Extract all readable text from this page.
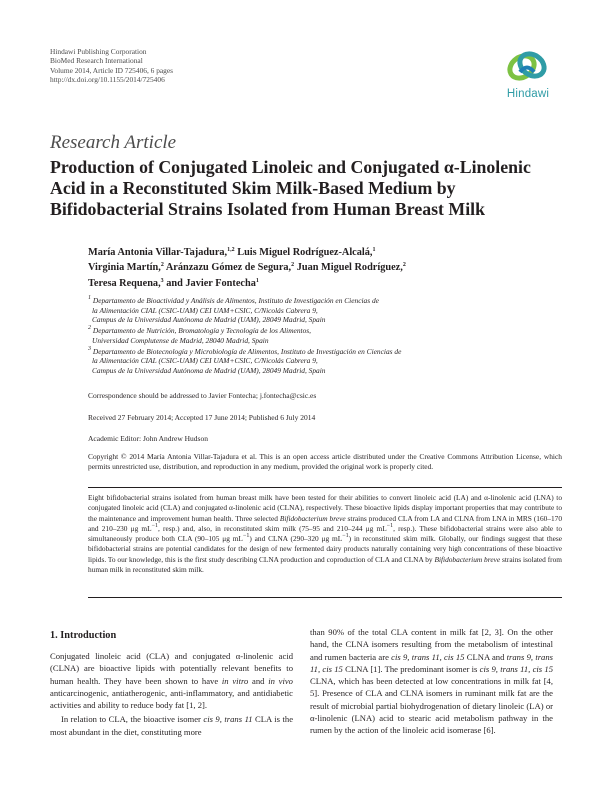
Hindawi Publishing Corporation
BioMed Research International
Volume 2014, Article ID 725406, 6 pages
http://dx.doi.org/10.1155/2014/725406
Hindawi
Research Article
Production of Conjugated Linoleic and Conjugated α-Linolenic
Acid in a Reconstituted Skim Milk-Based Medium by
Bifidobacterial Strains Isolated from Human Breast Milk
María Antonia Villar-Tajadura,$^{1,2}$ Luis Miguel Rodríguez-Alcalá,$^1$
Virginia Martín,$^2$ Aránzazu Gómez de Segura,$^2$ Juan Miguel Rodríguez,$^2$
Teresa Requena,$^3$ and Javier Fontecha$^1$
$^1$ Departamento de Bioactividad y Análisis de Alimentos, Instituto de Investigación en Ciencias de
la Alimentación CIAL (CSIC-UAM) CEI UAM+CSIC, C/Nicolás Cabrera 9,
Campus de la Universidad Autónoma de Madrid (UAM), 28049 Madrid, Spain
$^2$ Departamento de Nutrición, Bromatología y Tecnología de los Alimentos,
Universidad Complutense de Madrid, 28040 Madrid, Spain
$^3$ Departamento de Biotecnología y Microbiología de Alimentos, Instituto de Investigación en Ciencias de
la Alimentación CIAL (CSIC-UAM) CEI UAM+CSIC, C/Nicolás Cabrera 9,
Campus de la Universidad Autónoma de Madrid (UAM), 28049 Madrid, Spain
Correspondence should be addressed to Javier Fontecha; j.fontecha@csic.es
Received 27 February 2014; Accepted 17 June 2014; Published 6 July 2014
Academic Editor: John Andrew Hudson
Copyright © 2014 María Antonia Villar-Tajadura et al. This is an open access article distributed under the Creative Commons Attribution License, which permits unrestricted use, distribution, and reproduction in any medium, provided the original work is properly cited.
Eight bifidobacterial strains isolated from human breast milk have been tested for their abilities to convert linoleic acid (LA) and α-linolenic acid (LNA) to conjugated linoleic acid (CLA) and conjugated α-linolenic acid (CLNA), respectively. These bioactive lipids display important properties that may contribute to the maintenance and improvement human health. Three selected Bifidobacterium breve strains produced CLA from LA and CLNA from LNA in MRS (160–170 and 210–230 μg $mL^{-1}$, resp.) and, also, in reconstituted skim milk (75–95 and 210–244 μg $mL^{-1}$, resp.). These bifidobacterial strains were also able to simultaneously produce both CLA (90–105 μg $mL^{-1}$) and CLNA (290–320 μg $mL^{-1}$) in reconstituted skim milk. Globally, our findings suggest that these bifidobacterial strains are potential candidates for the design of new fermented dairy products naturally containing very high concentrations of these bioactive lipids. To our knowledge, this is the first study describing CLNA production and coproduction of CLA and CLNA by Bifidobacterium breve strains isolated from human milk in reconstituted skim milk.
1. Introduction

Conjugated linoleic acid (CLA) and conjugated α-linolenic acid (CLNA) are bioactive lipids with potentially relevant benefits to human health. They have been shown to have in vitro and in vivo anticarcinogenic, antiatherogenic, anti-inflammatory, and antidiabetic activities and ability to reduce body fat [1, 2].

In relation to CLA, the bioactive isomer cis 9, trans 11 CLA is the most abundant in the diet, constituting more

than 90% of the total CLA content in milk fat [2, 3]. On the other hand, the CLNA isomers resulting from the metabolism of intestinal and rumen bacteria are cis 9, trans 11, cis 15 CLNA and trans 9, trans 11, cis 15 CLNA [1]. The predominant isomer is cis 9, trans 11, cis 15 CLNA, which has been detected at low concentrations in milk fat [4, 5]. Presence of CLA and CLNA isomers in ruminant milk fat are the result of microbial partial biohydrogenation of dietary linoleic (LA) or α-linolenic (LNA) acid to stearic acid metabolism pathway in the rumen by the action of the linoleic acid isomerase [6].
